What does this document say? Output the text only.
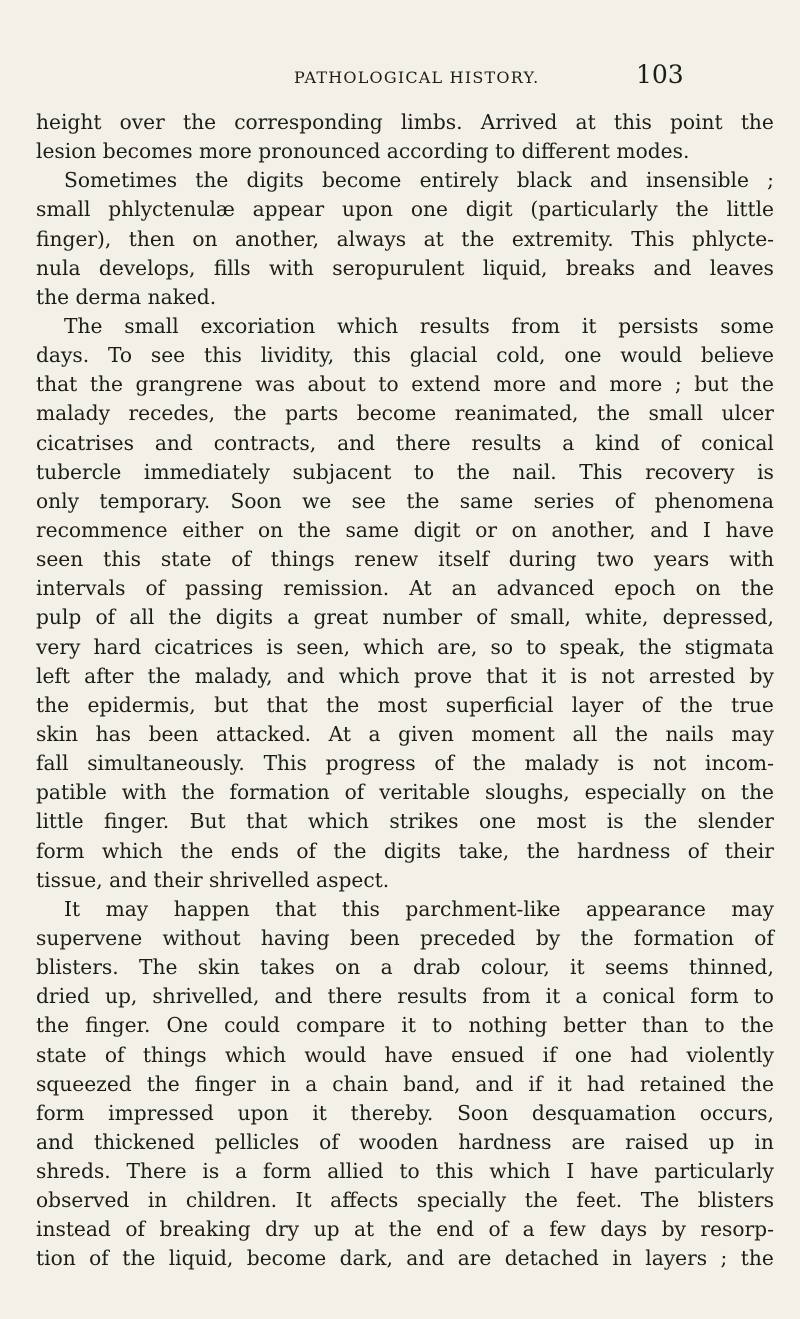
PATHOLOGICAL HISTORY.	103
height over the corresponding limbs. Arrived at this point the
lesion becomes more pronounced according to different modes.
Sometimes the digits become entirely black and insensible ;
small phlyctenulæ appear upon one digit (particularly the little
finger), then on another, always at the extremity. This phlycte-
nula develops, fills with seropurulent liquid, breaks and leaves
the derma naked.
The small excoriation which results from it persists some
days. To see this lividity, this glacial cold, one would believe
that the grangrene was about to extend more and more ; but the
malady recedes, the parts become reanimated, the small ulcer
cicatrises and contracts, and there results a kind of conical
tubercle immediately subjacent to the nail. This recovery is
only temporary. Soon we see the same series of phenomena
recommence either on the same digit or on another, and I have
seen this state of things renew itself during two years with
intervals of passing remission. At an advanced epoch on the
pulp of all the digits a great number of small, white, depressed,
very hard cicatrices is seen, which are, so to speak, the stigmata
left after the malady, and which prove that it is not arrested by
the epidermis, but that the most superficial layer of the true
skin has been attacked. At a given moment all the nails may
fall simultaneously. This progress of the malady is not incom-
patible with the formation of veritable sloughs, especially on the
little finger. But that which strikes one most is the slender
form which the ends of the digits take, the hardness of their
tissue, and their shrivelled aspect.
It may happen that this parchment-like appearance may
supervene without having been preceded by the formation of
blisters. The skin takes on a drab colour, it seems thinned,
dried up, shrivelled, and there results from it a conical form to
the finger. One could compare it to nothing better than to the
state of things which would have ensued if one had violently
squeezed the finger in a chain band, and if it had retained the
form impressed upon it thereby. Soon desquamation occurs,
and thickened pellicles of wooden hardness are raised up in
shreds. There is a form allied to this which I have particularly
observed in children. It affects specially the feet. The blisters
instead of breaking dry up at the end of a few days by resorp-
tion of the liquid, become dark, and are detached in layers ; the
